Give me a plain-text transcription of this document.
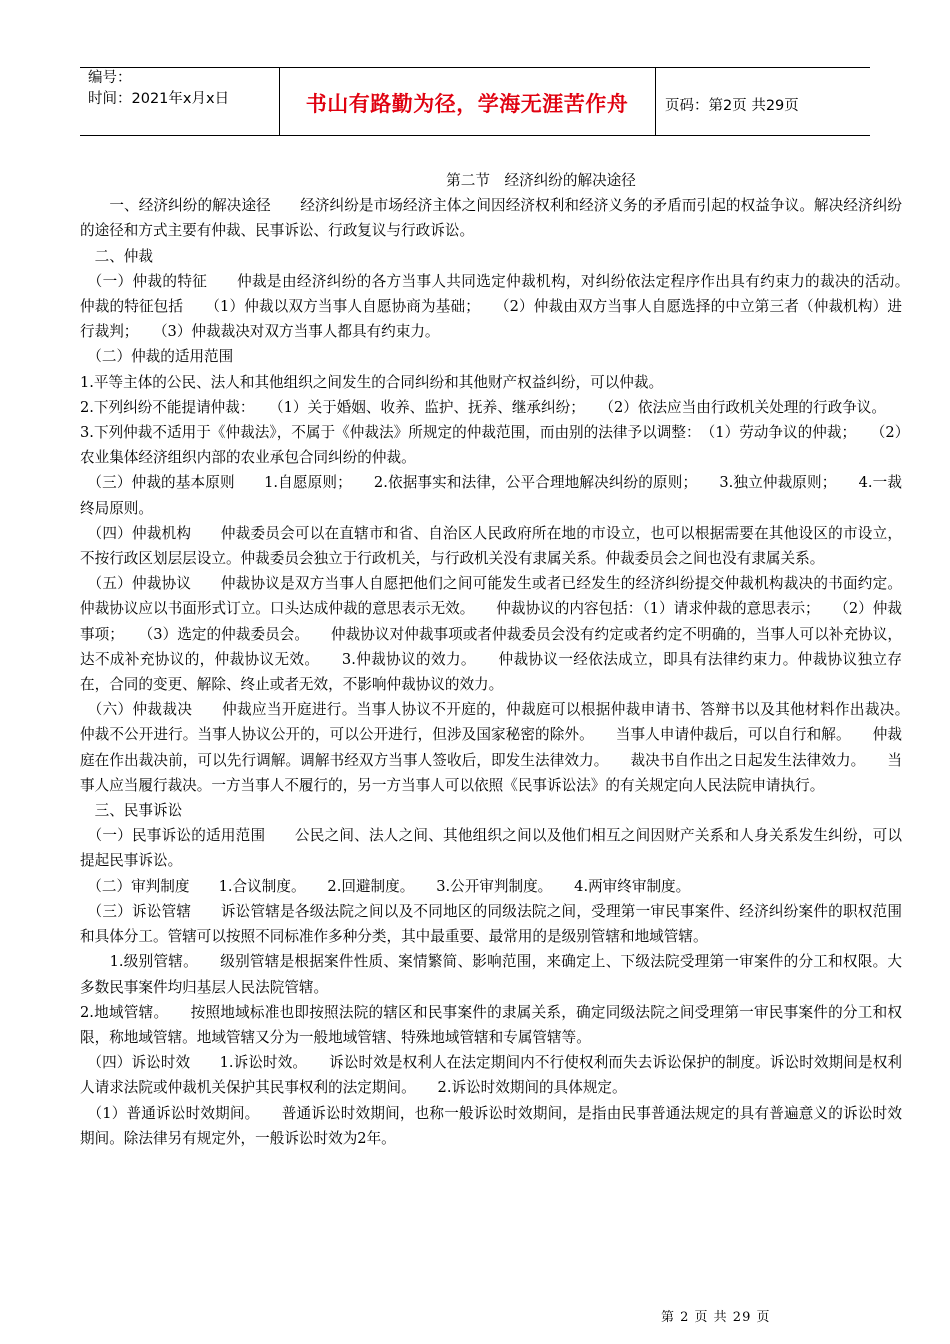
编号：
时间：2021年x月x日	书山有路勤为径，学海无涯苦作舟	页码：第2页 共29页

第二节　经济纠纷的解决途径

　　一、经济纠纷的解决途径　　经济纠纷是市场经济主体之间因经济权利和经济义务的矛盾而引起的权益争议。解决经济纠纷的途径和方式主要有仲裁、民事诉讼、行政复议与行政诉讼。

　二、仲裁

　（一）仲裁的特征　　仲裁是由经济纠纷的各方当事人共同选定仲裁机构，对纠纷依法定程序作出具有约束力的裁决的活动。　　仲裁的特征包括　　（1）仲裁以双方当事人自愿协商为基础；　　（2）仲裁由双方当事人自愿选择的中立第三者（仲裁机构）进行裁判；　　（3）仲裁裁决对双方当事人都具有约束力。

　（二）仲裁的适用范围

1.平等主体的公民、法人和其他组织之间发生的合同纠纷和其他财产权益纠纷，可以仲裁。

2.下列纠纷不能提请仲裁：　　（1）关于婚姻、收养、监护、抚养、继承纠纷；　　（2）依法应当由行政机关处理的行政争议。

3.下列仲裁不适用于《仲裁法》，不属于《仲裁法》所规定的仲裁范围，而由别的法律予以调整：　（1）劳动争议的仲裁；　　（2）农业集体经济组织内部的农业承包合同纠纷的仲裁。

　（三）仲裁的基本原则　　1.自愿原则；　　2.依据事实和法律，公平合理地解决纠纷的原则；　　3.独立仲裁原则；　　4.一裁终局原则。

　（四）仲裁机构　　仲裁委员会可以在直辖市和省、自治区人民政府所在地的市设立，也可以根据需要在其他设区的市设立，不按行政区划层层设立。仲裁委员会独立于行政机关，与行政机关没有隶属关系。仲裁委员会之间也没有隶属关系。

　（五）仲裁协议　　仲裁协议是双方当事人自愿把他们之间可能发生或者已经发生的经济纠纷提交仲裁机构裁决的书面约定。仲裁协议应以书面形式订立。口头达成仲裁的意思表示无效。　　仲裁协议的内容包括：（1）请求仲裁的意思表示；　　（2）仲裁事项；　　（3）选定的仲裁委员会。　　仲裁协议对仲裁事项或者仲裁委员会没有约定或者约定不明确的，当事人可以补充协议，达不成补充协议的，仲裁协议无效。　　3.仲裁协议的效力。　　仲裁协议一经依法成立，即具有法律约束力。仲裁协议独立存在，合同的变更、解除、终止或者无效，不影响仲裁协议的效力。

　（六）仲裁裁决　　仲裁应当开庭进行。当事人协议不开庭的，仲裁庭可以根据仲裁申请书、答辩书以及其他材料作出裁决。　　仲裁不公开进行。当事人协议公开的，可以公开进行，但涉及国家秘密的除外。　　当事人申请仲裁后，可以自行和解。　　仲裁庭在作出裁决前，可以先行调解。调解书经双方当事人签收后，即发生法律效力。　　裁决书自作出之日起发生法律效力。　　当事人应当履行裁决。一方当事人不履行的，另一方当事人可以依照《民事诉讼法》的有关规定向人民法院申请执行。

　三、民事诉讼

　（一）民事诉讼的适用范围　　公民之间、法人之间、其他组织之间以及他们相互之间因财产关系和人身关系发生纠纷，可以提起民事诉讼。

　（二）审判制度　　1.合议制度。　　2.回避制度。　　3.公开审判制度。　　4.两审终审制度。

　（三）诉讼管辖　　诉讼管辖是各级法院之间以及不同地区的同级法院之间，受理第一审民事案件、经济纠纷案件的职权范围和具体分工。管辖可以按照不同标准作多种分类，其中最重要、最常用的是级别管辖和地域管辖。

　　1.级别管辖。　　级别管辖是根据案件性质、案情繁简、影响范围，来确定上、下级法院受理第一审案件的分工和权限。大多数民事案件均归基层人民法院管辖。

2.地域管辖。　　按照地域标准也即按照法院的辖区和民事案件的隶属关系，确定同级法院之间受理第一审民事案件的分工和权限，称地域管辖。地域管辖又分为一般地域管辖、特殊地域管辖和专属管辖等。

　（四）诉讼时效　　1.诉讼时效。　　诉讼时效是权利人在法定期间内不行使权利而失去诉讼保护的制度。诉讼时效期间是权利人请求法院或仲裁机关保护其民事权利的法定期间。　　2.诉讼时效期间的具体规定。

　（1）普通诉讼时效期间。　　普通诉讼时效期间，也称一般诉讼时效期间，是指由民事普通法规定的具有普遍意义的诉讼时效期间。除法律另有规定外，一般诉讼时效为2年。

第 2 页 共 29 页
